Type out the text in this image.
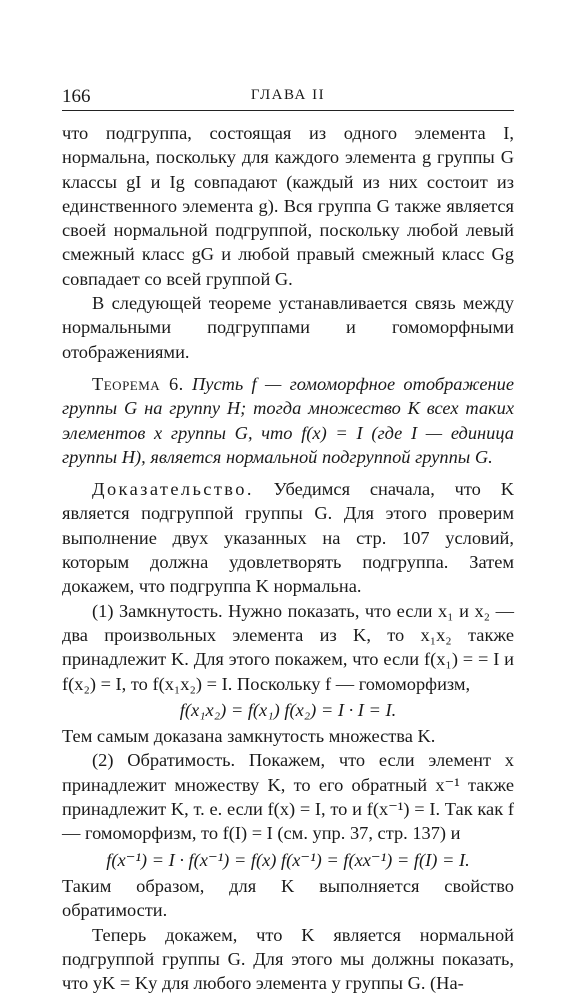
166	ГЛАВА II

что подгруппа, состоящая из одного элемента I, нормальна, поскольку для каждого элемента g группы G классы gI и Ig совпадают (каждый из них состоит из единственного элемента g). Вся группа G также является своей нормальной подгруппой, поскольку любой левый смежный класс gG и любой правый смежный класс Gg совпадает со всей группой G.

В следующей теореме устанавливается связь между нормальными подгруппами и гомоморфными отображениями.

Теорема 6. Пусть f — гомоморфное отображение группы G на группу H; тогда множество K всех таких элементов x группы G, что f(x) = I (где I — единица группы H), является нормальной подгруппой группы G.

Доказательство. Убедимся сначала, что K является подгруппой группы G. Для этого проверим выполнение двух указанных на стр. 107 условий, которым должна удовлетворять подгруппа. Затем докажем, что подгруппа K нормальна.

(1) Замкнутость. Нужно показать, что если x₁ и x₂ — два произвольных элемента из K, то x₁x₂ также принадлежит K. Для этого покажем, что если f(x₁) = = I и f(x₂) = I, то f(x₁x₂) = I. Поскольку f — гомоморфизм,

f(x₁x₂) = f(x₁) f(x₂) = I · I = I.

Тем самым доказана замкнутость множества K.

(2) Обратимость. Покажем, что если элемент x принадлежит множеству K, то его обратный x⁻¹ также принадлежит K, т. е. если f(x) = I, то и f(x⁻¹) = I. Так как f — гомоморфизм, то f(I) = I (см. упр. 37, стр. 137) и

f(x⁻¹) = I · f(x⁻¹) = f(x) f(x⁻¹) = f(xx⁻¹) = f(I) = I.

Таким образом, для K выполняется свойство обратимости.

Теперь докажем, что K является нормальной подгруппой группы G. Для этого мы должны показать, что yK = Ky для любого элемента y группы G. (На-
